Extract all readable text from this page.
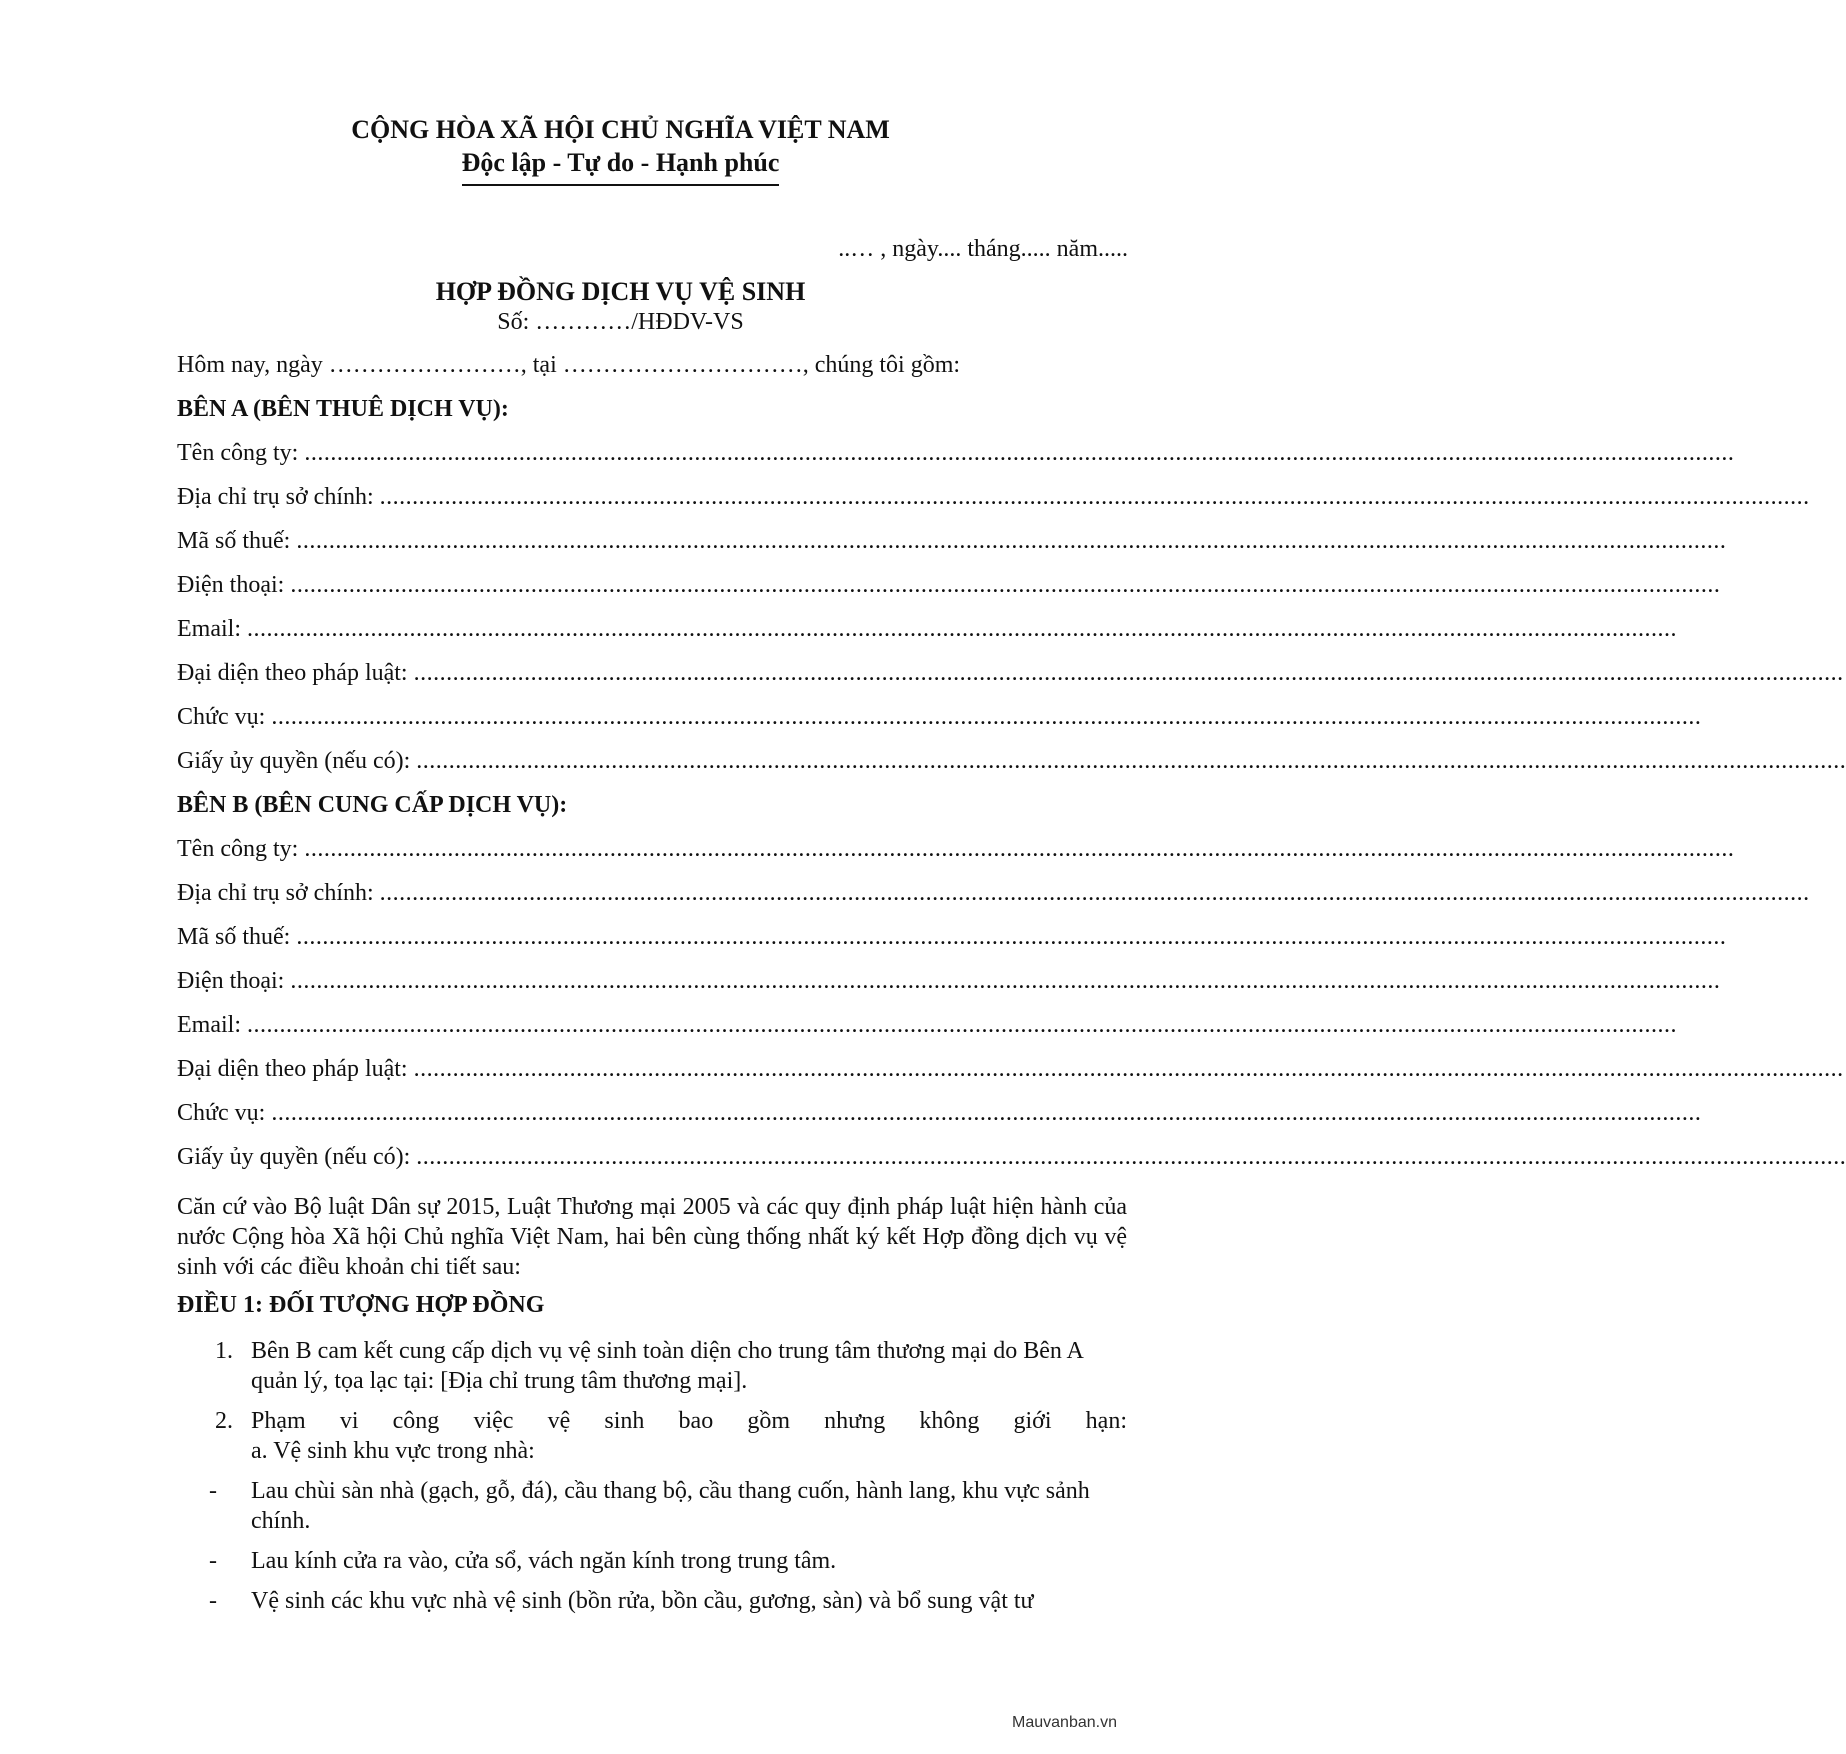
CỘNG HÒA XÃ HỘI CHỦ NGHĨA VIỆT NAM
Độc lập - Tự do - Hạnh phúc
..… , ngày.... tháng..... năm.....
HỢP ĐỒNG DỊCH VỤ VỆ SINH
Số: …………/HĐDV-VS
Hôm nay, ngày ……………………, tại …………………………, chúng tôi gồm:
BÊN A (BÊN THUÊ DỊCH VỤ):
Tên công ty: ............................................................................................................................................................................................................................
Địa chỉ trụ sở chính: ............................................................................................................................................................................................................................
Mã số thuế: ............................................................................................................................................................................................................................
Điện thoại: ............................................................................................................................................................................................................................
Email: ............................................................................................................................................................................................................................
Đại diện theo pháp luật: ............................................................................................................................................................................................................................
Chức vụ: ............................................................................................................................................................................................................................
Giấy ủy quyền (nếu có): ............................................................................................................................................................................................................................
BÊN B (BÊN CUNG CẤP DỊCH VỤ):
Tên công ty: ............................................................................................................................................................................................................................
Địa chỉ trụ sở chính: ............................................................................................................................................................................................................................
Mã số thuế: ............................................................................................................................................................................................................................
Điện thoại: ............................................................................................................................................................................................................................
Email: ............................................................................................................................................................................................................................
Đại diện theo pháp luật: ............................................................................................................................................................................................................................
Chức vụ: ............................................................................................................................................................................................................................
Giấy ủy quyền (nếu có): ............................................................................................................................................................................................................................
Căn cứ vào Bộ luật Dân sự 2015, Luật Thương mại 2005 và các quy định pháp luật hiện hành của nước Cộng hòa Xã hội Chủ nghĩa Việt Nam, hai bên cùng thống nhất ký kết Hợp đồng dịch vụ vệ sinh với các điều khoản chi tiết sau:
ĐIỀU 1: ĐỐI TƯỢNG HỢP ĐỒNG
1. Bên B cam kết cung cấp dịch vụ vệ sinh toàn diện cho trung tâm thương mại do Bên A quản lý, tọa lạc tại: [Địa chỉ trung tâm thương mại].
2. Phạm vi công việc vệ sinh bao gồm nhưng không giới hạn:
a. Vệ sinh khu vực trong nhà:
-	Lau chùi sàn nhà (gạch, gỗ, đá), cầu thang bộ, cầu thang cuốn, hành lang, khu vực sảnh chính.
-	Lau kính cửa ra vào, cửa sổ, vách ngăn kính trong trung tâm.
-	Vệ sinh các khu vực nhà vệ sinh (bồn rửa, bồn cầu, gương, sàn) và bổ sung vật tư
Mauvanban.vn
